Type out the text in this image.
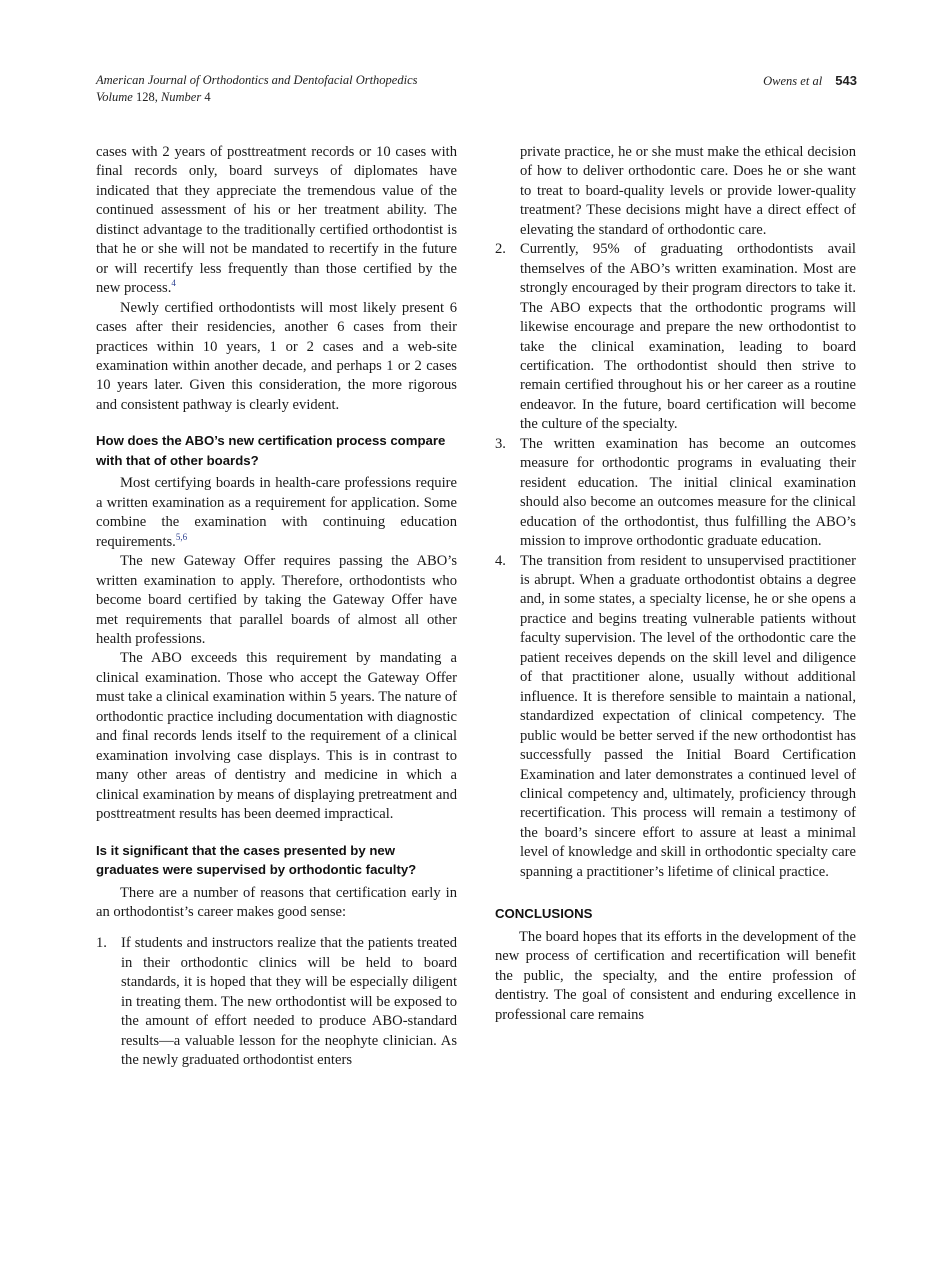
American Journal of Orthodontics and Dentofacial Orthopedics
Volume 128, Number 4
Owens et al 543

cases with 2 years of posttreatment records or 10 cases with final records only, board surveys of diplomates have indicated that they appreciate the tremendous value of the continued assessment of his or her treatment ability. The distinct advantage to the traditionally certified orthodontist is that he or she will not be mandated to recertify in the future or will recertify less frequently than those certified by the new process.$^4$

Newly certified orthodontists will most likely present 6 cases after their residencies, another 6 cases from their practices within 10 years, 1 or 2 cases and a web-site examination within another decade, and perhaps 1 or 2 cases 10 years later. Given this consideration, the more rigorous and consistent pathway is clearly evident.

How does the ABO’s new certification process compare with that of other boards?

Most certifying boards in health-care professions require a written examination as a requirement for application. Some combine the examination with continuing education requirements.$^{5,6}$

The new Gateway Offer requires passing the ABO’s written examination to apply. Therefore, orthodontists who become board certified by taking the Gateway Offer have met requirements that parallel boards of almost all other health professions.

The ABO exceeds this requirement by mandating a clinical examination. Those who accept the Gateway Offer must take a clinical examination within 5 years. The nature of orthodontic practice including documentation with diagnostic and final records lends itself to the requirement of a clinical examination involving case displays. This is in contrast to many other areas of dentistry and medicine in which a clinical examination by means of displaying pretreatment and posttreatment results has been deemed impractical.

Is it significant that the cases presented by new graduates were supervised by orthodontic faculty?

There are a number of reasons that certification early in an orthodontist’s career makes good sense:

1. If students and instructors realize that the patients treated in their orthodontic clinics will be held to board standards, it is hoped that they will be especially diligent in treating them. The new orthodontist will be exposed to the amount of effort needed to produce ABO-standard results—a valuable lesson for the neophyte clinician. As the newly graduated orthodontist enters
private practice, he or she must make the ethical decision of how to deliver orthodontic care. Does he or she want to treat to board-quality levels or provide lower-quality treatment? These decisions might have a direct effect of elevating the standard of orthodontic care.
2. Currently, 95% of graduating orthodontists avail themselves of the ABO’s written examination. Most are strongly encouraged by their program directors to take it. The ABO expects that the orthodontic programs will likewise encourage and prepare the new orthodontist to take the clinical examination, leading to board certification. The orthodontist should then strive to remain certified throughout his or her career as a routine endeavor. In the future, board certification will become the culture of the specialty.
3. The written examination has become an outcomes measure for orthodontic programs in evaluating their resident education. The initial clinical examination should also become an outcomes measure for the clinical education of the orthodontist, thus fulfilling the ABO’s mission to improve orthodontic graduate education.
4. The transition from resident to unsupervised practitioner is abrupt. When a graduate orthodontist obtains a degree and, in some states, a specialty license, he or she opens a practice and begins treating vulnerable patients without faculty supervision. The level of the orthodontic care the patient receives depends on the skill level and diligence of that practitioner alone, usually without additional influence. It is therefore sensible to maintain a national, standardized expectation of clinical competency. The public would be better served if the new orthodontist has successfully passed the Initial Board Certification Examination and later demonstrates a continued level of clinical competency and, ultimately, proficiency through recertification. This process will remain a testimony of the board’s sincere effort to assure at least a minimal level of knowledge and skill in orthodontic specialty care spanning a practitioner’s lifetime of clinical practice.
CONCLUSIONS

The board hopes that its efforts in the development of the new process of certification and recertification will benefit the public, the specialty, and the entire profession of dentistry. The goal of consistent and enduring excellence in professional care remains
